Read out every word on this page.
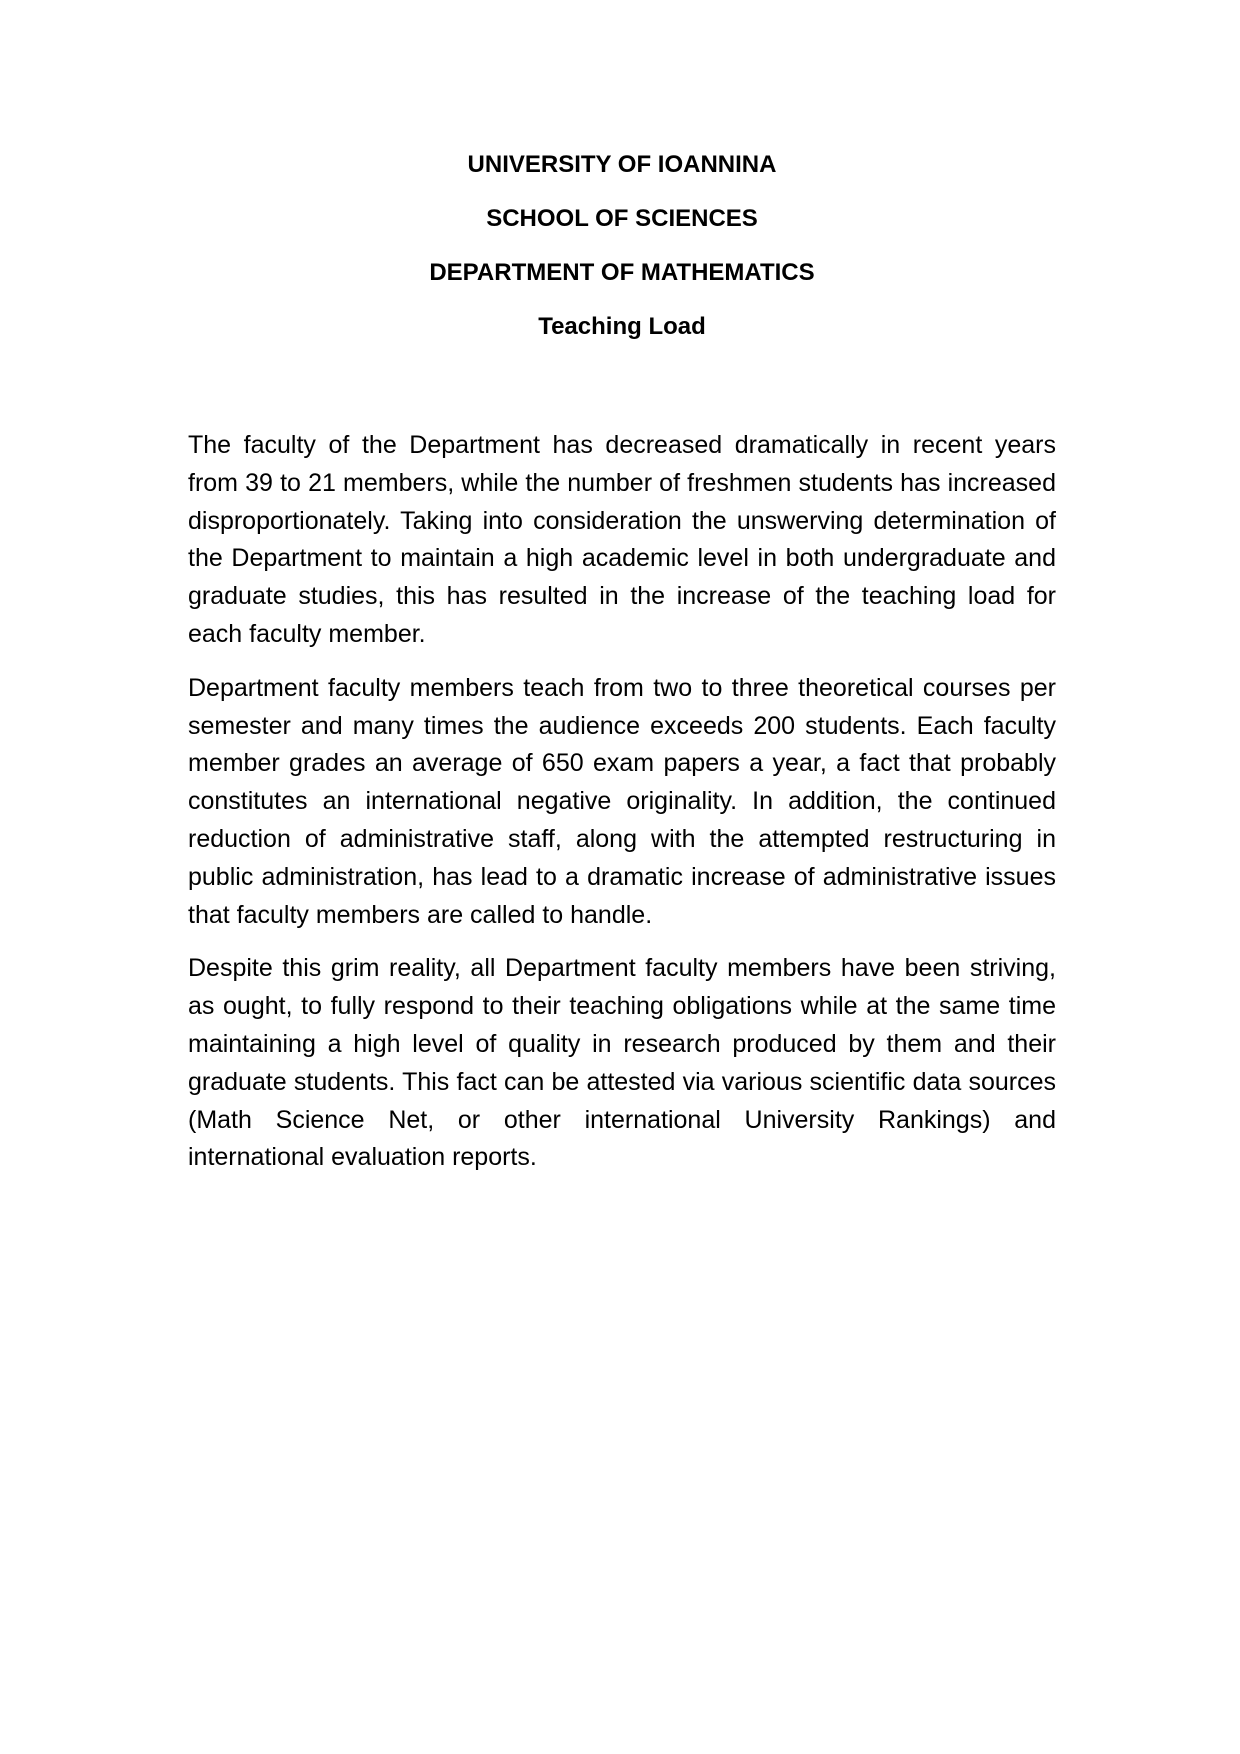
UNIVERSITY OF IOANNINA
SCHOOL OF SCIENCES
DEPARTMENT OF MATHEMATICS
Teaching Load

The faculty of the Department has decreased dramatically in recent years from 39 to 21 members, while the number of freshmen students has increased disproportionately. Taking into consideration the unswerving determination of the Department to maintain a high academic level in both undergraduate and graduate studies, this has resulted in the increase of the teaching load for each faculty member.

Department faculty members teach from two to three theoretical courses per semester and many times the audience exceeds 200 students. Each faculty member grades an average of 650 exam papers a year, a fact that probably constitutes an international negative originality. In addition, the continued reduction of administrative staff, along with the attempted restructuring in public administration, has lead to a dramatic increase of administrative issues that faculty members are called to handle.

Despite this grim reality, all Department faculty members have been striving, as ought, to fully respond to their teaching obligations while at the same time maintaining a high level of quality in research produced by them and their graduate students. This fact can be attested via various scientific data sources (Math Science Net, or other international University Rankings) and international evaluation reports.
